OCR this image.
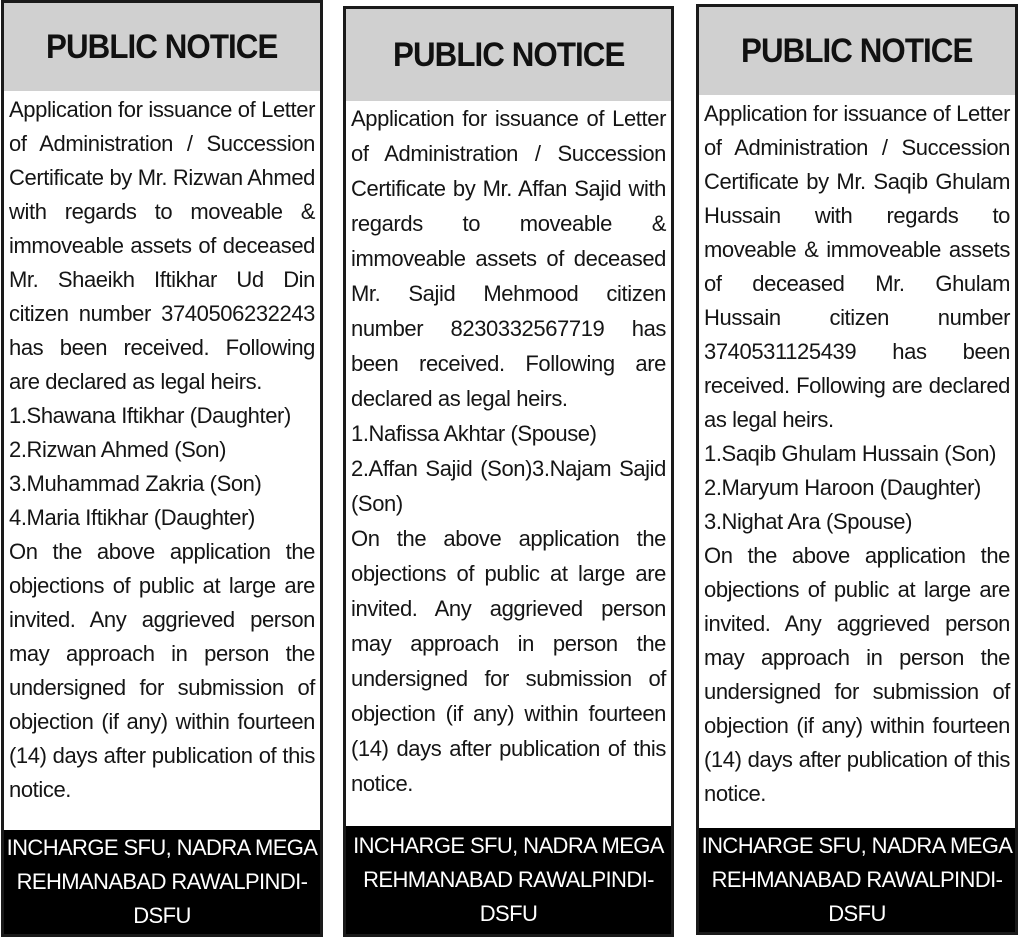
PUBLIC NOTICE

Application for issuance of Letter of Administration / Succession Certificate by Mr. Rizwan Ahmed with regards to moveable & immoveable assets of deceased Mr. Shaeikh Iftikhar Ud Din citizen number 3740506232243 has been received. Following are declared as legal heirs.

1.Shawana Iftikhar (Daughter)

2.Rizwan Ahmed (Son)

3.Muhammad Zakria (Son)

4.Maria Iftikhar (Daughter)

On the above application the objections of public at large are invited. Any aggrieved person may approach in person the undersigned for submission of objection (if any) within fourteen (14) days after publication of this notice.

INCHARGE SFU, NADRA MEGA
REHMANABAD RAWALPINDI-
DSFU
PUBLIC NOTICE

Application for issuance of Letter of Administration / Succession Certificate by Mr. Affan Sajid with regards to moveable & immoveable assets of deceased Mr. Sajid Mehmood citizen number 8230332567719 has been received. Following are declared as legal heirs.

1.Nafissa Akhtar (Spouse)

2.Affan Sajid (Son)3.Najam Sajid (Son)

On the above application the objections of public at large are invited. Any aggrieved person may approach in person the undersigned for submission of objection (if any) within fourteen (14) days after publication of this notice.

INCHARGE SFU, NADRA MEGA
REHMANABAD RAWALPINDI-
DSFU
PUBLIC NOTICE

Application for issuance of Letter of Administration / Succession Certificate by Mr. Saqib Ghulam Hussain with regards to moveable & immoveable assets of deceased Mr. Ghulam Hussain citizen number 3740531125439 has been received. Following are declared as legal heirs.

1.Saqib Ghulam Hussain (Son)

2.Maryum Haroon (Daughter)

3.Nighat Ara (Spouse)

On the above application the objections of public at large are invited. Any aggrieved person may approach in person the undersigned for submission of objection (if any) within fourteen (14) days after publication of this notice.

INCHARGE SFU, NADRA MEGA
REHMANABAD RAWALPINDI-
DSFU
